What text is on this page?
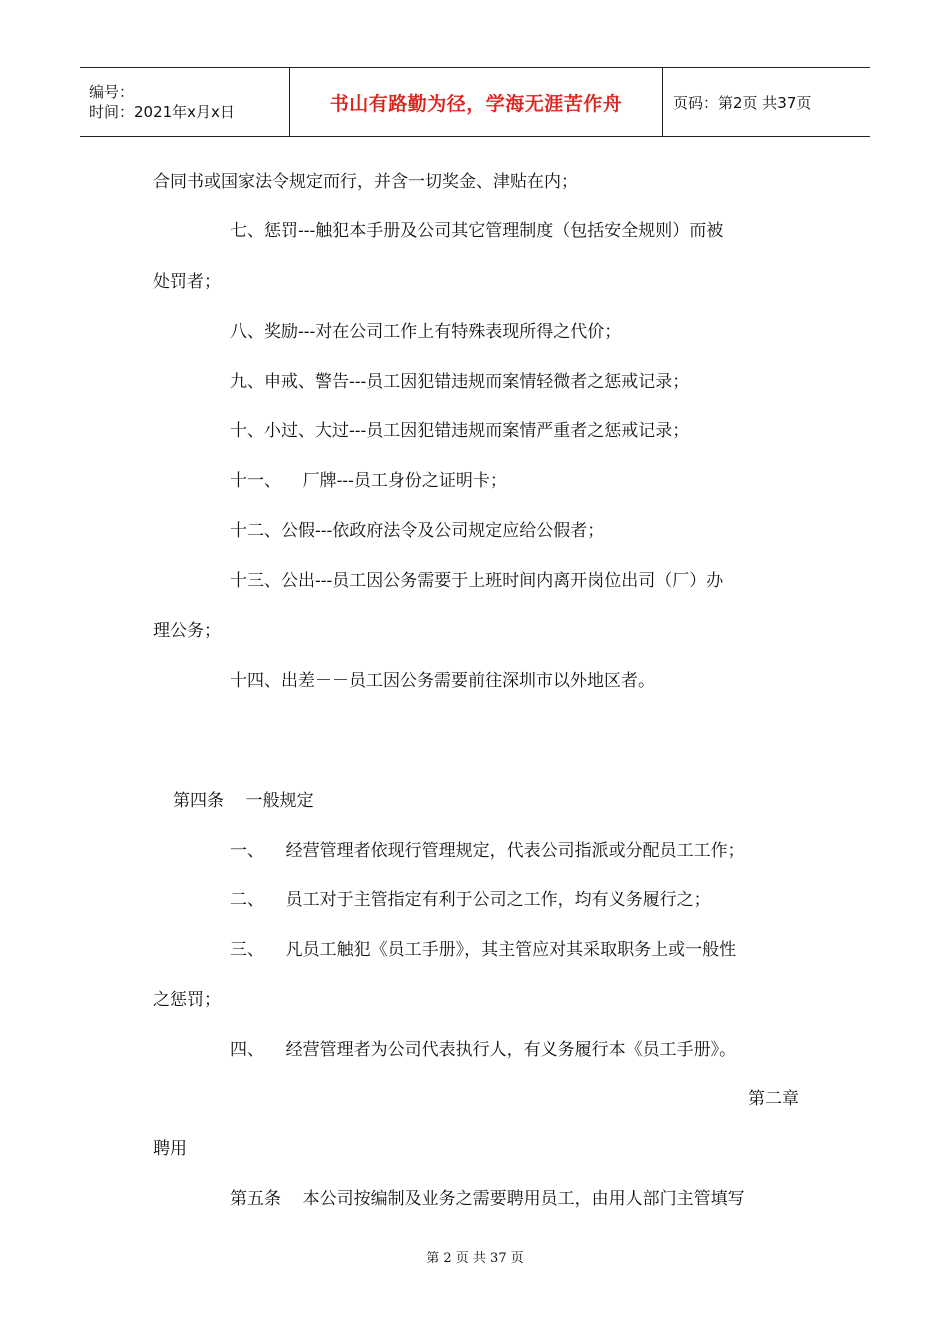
编号：
时间：2021年x月x日	书山有路勤为径，学海无涯苦作舟	页码：第2页 共37页
合同书或国家法令规定而行，并含一切奖金、津贴在内；
七、惩罚---触犯本手册及公司其它管理制度（包括安全规则）而被
处罚者；
八、奖励---对在公司工作上有特殊表现所得之代价；
九、申戒、警告---员工因犯错违规而案情轻微者之惩戒记录；
十、小过、大过---员工因犯错违规而案情严重者之惩戒记录；
十一、    厂牌---员工身份之证明卡；
十二、公假---依政府法令及公司规定应给公假者；
十三、公出---员工因公务需要于上班时间内离开岗位出司（厂）办
理公务；
十四、出差－－员工因公务需要前往深圳市以外地区者。
第四条    一般规定
一、    经营管理者依现行管理规定，代表公司指派或分配员工工作；
二、    员工对于主管指定有利于公司之工作，均有义务履行之；
三、    凡员工触犯《员工手册》，其主管应对其采取职务上或一般性
之惩罚；
四、    经营管理者为公司代表执行人，有义务履行本《员工手册》。
第二章
聘用
第五条    本公司按编制及业务之需要聘用员工，由用人部门主管填写
第 2 页 共 37 页
